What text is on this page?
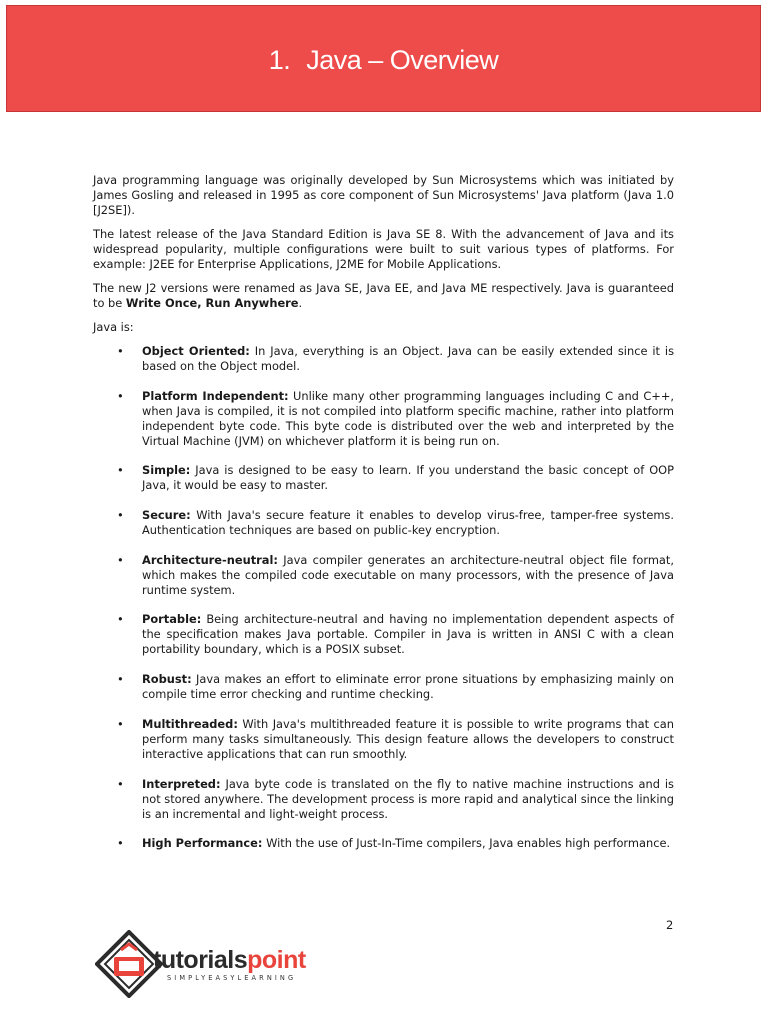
1. Java – Overview

Java programming language was originally developed by Sun Microsystems which was initiated by James Gosling and released in 1995 as core component of Sun Microsystems' Java platform (Java 1.0 [J2SE]).

The latest release of the Java Standard Edition is Java SE 8. With the advancement of Java and its widespread popularity, multiple configurations were built to suit various types of platforms. For example: J2EE for Enterprise Applications, J2ME for Mobile Applications.

The new J2 versions were renamed as Java SE, Java EE, and Java ME respectively. Java is guaranteed to be Write Once, Run Anywhere.

Java is:

• Object Oriented: In Java, everything is an Object. Java can be easily extended since it is based on the Object model.
• Platform Independent: Unlike many other programming languages including C and C++, when Java is compiled, it is not compiled into platform specific machine, rather into platform independent byte code. This byte code is distributed over the web and interpreted by the Virtual Machine (JVM) on whichever platform it is being run on.
• Simple: Java is designed to be easy to learn. If you understand the basic concept of OOP Java, it would be easy to master.
• Secure: With Java's secure feature it enables to develop virus-free, tamper-free systems. Authentication techniques are based on public-key encryption.
• Architecture-neutral: Java compiler generates an architecture-neutral object file format, which makes the compiled code executable on many processors, with the presence of Java runtime system.
• Portable: Being architecture-neutral and having no implementation dependent aspects of the specification makes Java portable. Compiler in Java is written in ANSI C with a clean portability boundary, which is a POSIX subset.
• Robust: Java makes an effort to eliminate error prone situations by emphasizing mainly on compile time error checking and runtime checking.
• Multithreaded: With Java's multithreaded feature it is possible to write programs that can perform many tasks simultaneously. This design feature allows the developers to construct interactive applications that can run smoothly.
• Interpreted: Java byte code is translated on the fly to native machine instructions and is not stored anywhere. The development process is more rapid and analytical since the linking is an incremental and light-weight process.
• High Performance: With the use of Just-In-Time compilers, Java enables high performance.
2
tutorialspoint
SIMPLYEASYLEARNING
